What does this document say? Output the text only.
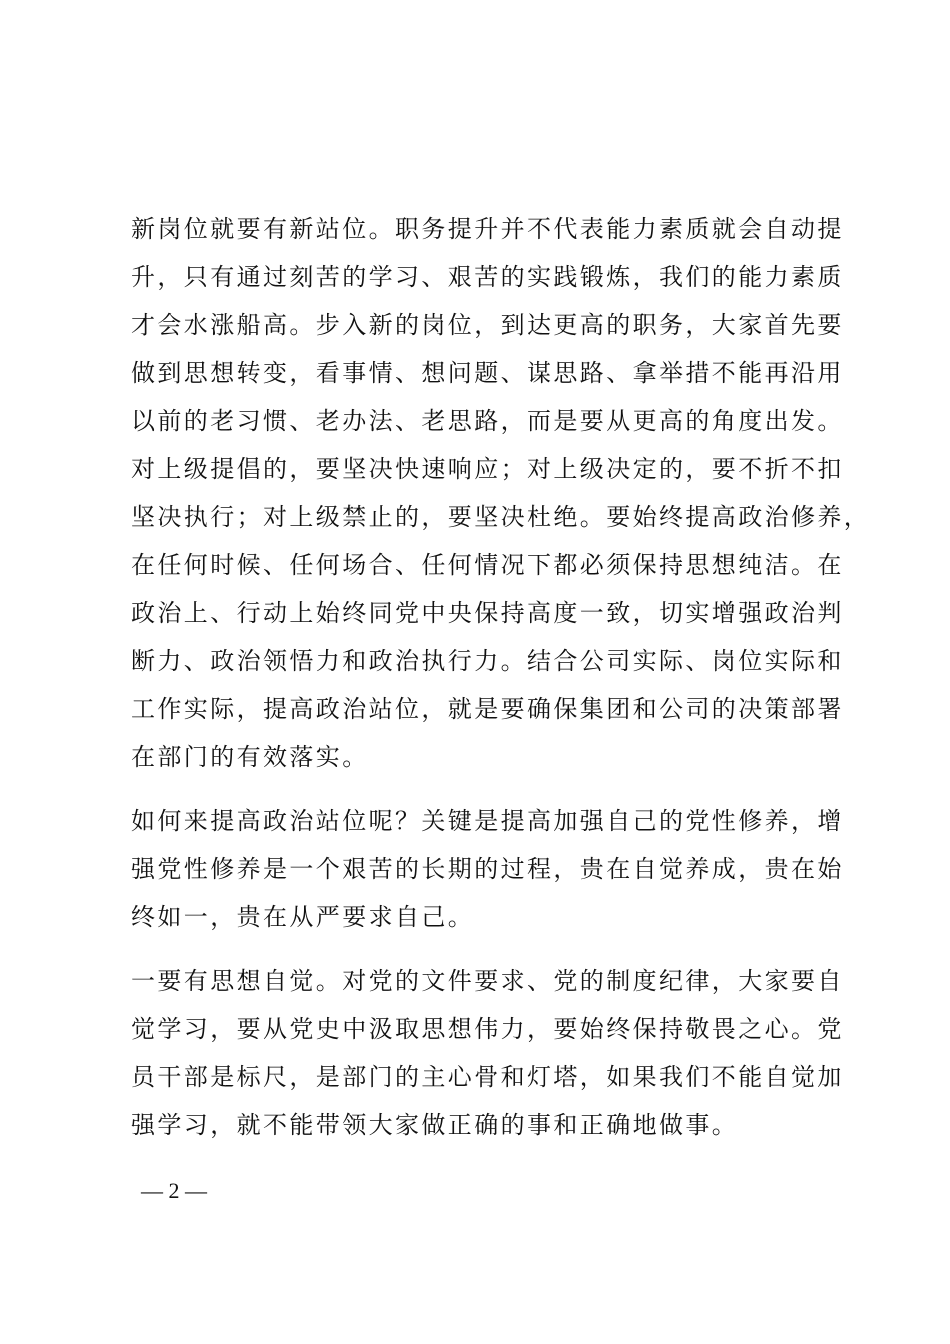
新岗位就要有新站位。职务提升并不代表能力素质就会自动提
升，只有通过刻苦的学习、艰苦的实践锻炼，我们的能力素质
才会水涨船高。步入新的岗位，到达更高的职务，大家首先要
做到思想转变，看事情、想问题、谋思路、拿举措不能再沿用
以前的老习惯、老办法、老思路，而是要从更高的角度出发。
对上级提倡的，要坚决快速响应；对上级决定的，要不折不扣
坚决执行；对上级禁止的，要坚决杜绝。要始终提高政治修养，
在任何时候、任何场合、任何情况下都必须保持思想纯洁。在
政治上、行动上始终同党中央保持高度一致，切实增强政治判
断力、政治领悟力和政治执行力。结合公司实际、岗位实际和
工作实际，提高政治站位，就是要确保集团和公司的决策部署
在部门的有效落实。
如何来提高政治站位呢？关键是提高加强自己的党性修养，增
强党性修养是一个艰苦的长期的过程，贵在自觉养成，贵在始
终如一，贵在从严要求自己。
一要有思想自觉。对党的文件要求、党的制度纪律，大家要自
觉学习，要从党史中汲取思想伟力，要始终保持敬畏之心。党
员干部是标尺，是部门的主心骨和灯塔，如果我们不能自觉加
强学习，就不能带领大家做正确的事和正确地做事。
— 2 —
